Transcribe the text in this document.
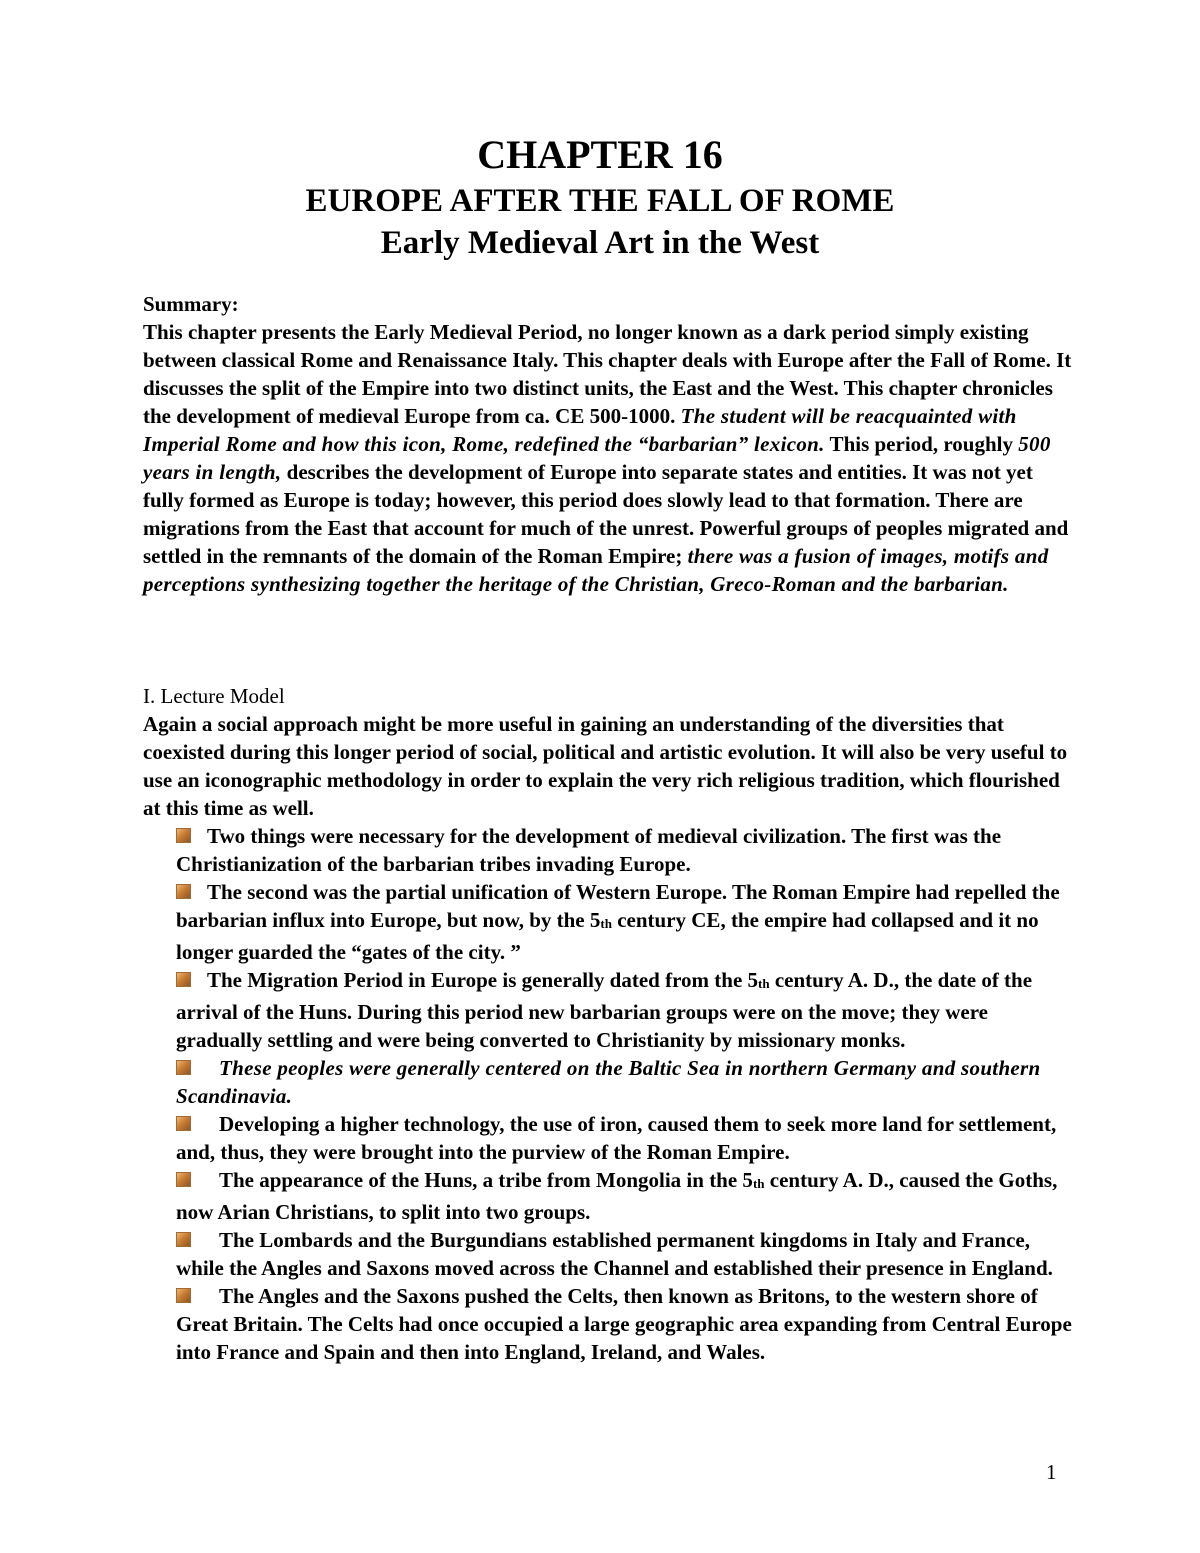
CHAPTER 16
EUROPE AFTER THE FALL OF ROME
Early Medieval Art in the West

Summary:

This chapter presents the Early Medieval Period, no longer known as a dark period simply existing between classical Rome and Renaissance Italy. This chapter deals with Europe after the Fall of Rome. It discusses the split of the Empire into two distinct units, the East and the West. This chapter chronicles the development of medieval Europe from ca. CE 500-1000. The student will be reacquainted with Imperial Rome and how this icon, Rome, redefined the “barbarian” lexicon. This period, roughly 500 years in length, describes the development of Europe into separate states and entities. It was not yet fully formed as Europe is today; however, this period does slowly lead to that formation. There are migrations from the East that account for much of the unrest. Powerful groups of peoples migrated and settled in the remnants of the domain of the Roman Empire; there was a fusion of images, motifs and perceptions synthesizing together the heritage of the Christian, Greco-Roman and the barbarian.

I. Lecture Model

Again a social approach might be more useful in gaining an understanding of the diversities that coexisted during this longer period of social, political and artistic evolution. It will also be very useful to use an iconographic methodology in order to explain the very rich religious tradition, which flourished at this time as well.

Two things were necessary for the development of medieval civilization. The first was the Christianization of the barbarian tribes invading Europe.
The second was the partial unification of Western Europe. The Roman Empire had repelled the barbarian influx into Europe, but now, by the $5_{th}$ century CE, the empire had collapsed and it no longer guarded the “gates of the city. ”
The Migration Period in Europe is generally dated from the $5_{th}$ century A. D., the date of the arrival of the Huns. During this period new barbarian groups were on the move; they were gradually settling and were being converted to Christianity by missionary monks.
These peoples were generally centered on the Baltic Sea in northern Germany and southern Scandinavia.
Developing a higher technology, the use of iron, caused them to seek more land for settlement, and, thus, they were brought into the purview of the Roman Empire.
The appearance of the Huns, a tribe from Mongolia in the $5_{th}$ century A. D., caused the Goths, now Arian Christians, to split into two groups.
The Lombards and the Burgundians established permanent kingdoms in Italy and France, while the Angles and Saxons moved across the Channel and established their presence in England.
The Angles and the Saxons pushed the Celts, then known as Britons, to the western shore of Great Britain. The Celts had once occupied a large geographic area expanding from Central Europe into France and Spain and then into England, Ireland, and Wales.
1
